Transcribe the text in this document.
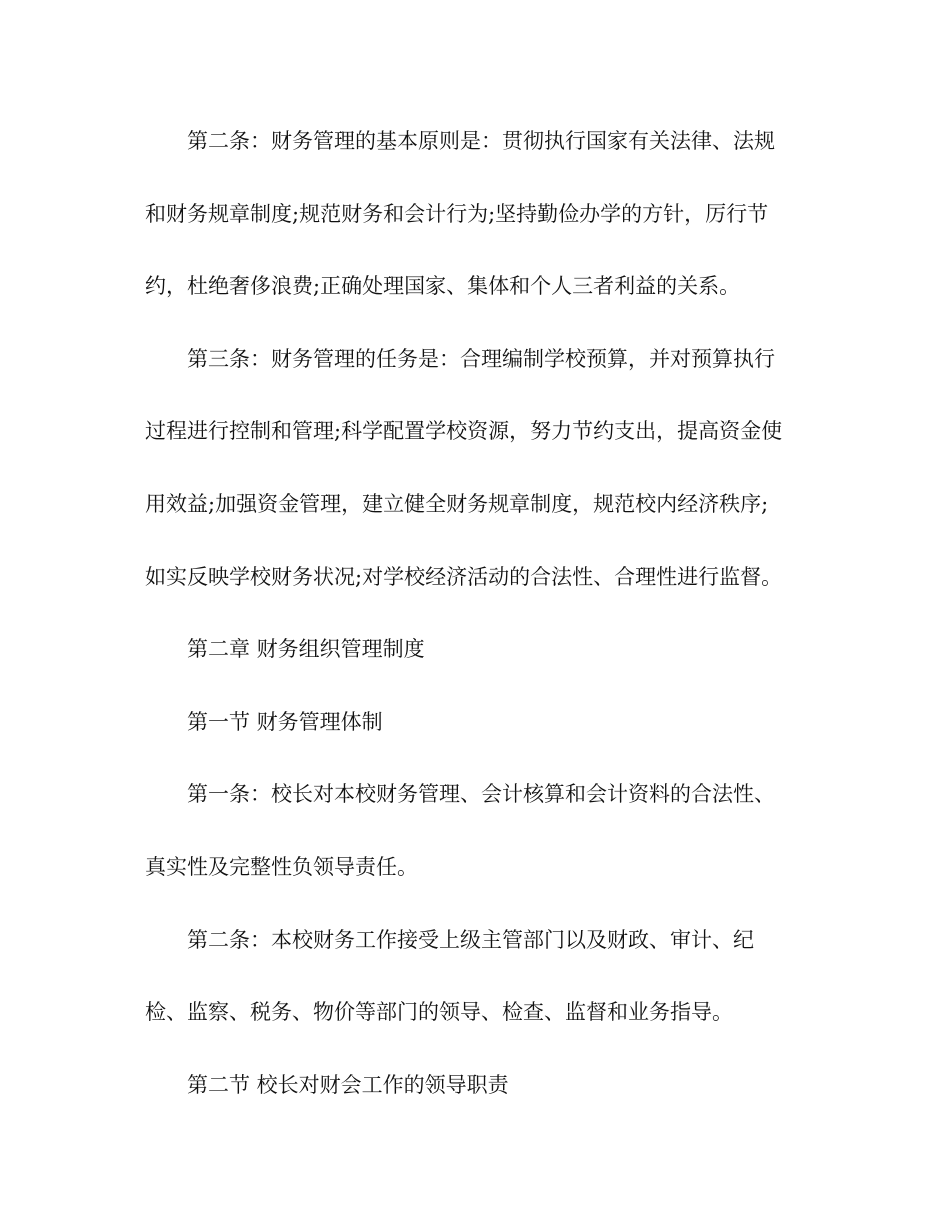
第二条：财务管理的基本原则是：贯彻执行国家有关法律、法规
和财务规章制度;规范财务和会计行为;坚持勤俭办学的方针，厉行节
约，杜绝奢侈浪费;正确处理国家、集体和个人三者利益的关系。
第三条：财务管理的任务是：合理编制学校预算，并对预算执行
过程进行控制和管理;科学配置学校资源，努力节约支出，提高资金使
用效益;加强资金管理，建立健全财务规章制度，规范校内经济秩序;
如实反映学校财务状况;对学校经济活动的合法性、合理性进行监督。
第二章 财务组织管理制度
第一节 财务管理体制
第一条：校长对本校财务管理、会计核算和会计资料的合法性、
真实性及完整性负领导责任。
第二条：本校财务工作接受上级主管部门以及财政、审计、纪
检、监察、税务、物价等部门的领导、检查、监督和业务指导。
第二节 校长对财会工作的领导职责
